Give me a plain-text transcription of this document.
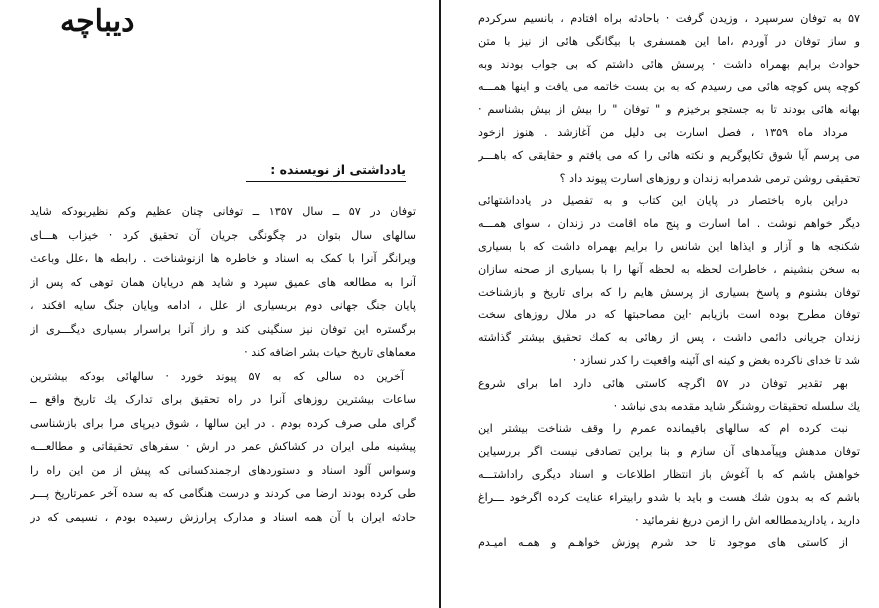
دیباچه
یادداشتی از نویسنده :
توفان در ۵۷ ــ سال ۱۳۵۷ ــ توفانی چنان عظیم وکم نظیربودکه شاید
سالهای سال بتوان در چگونگی جریان آن تحقیق کرد · خیزاب هـــای
ویرانگر آنرا با کمک به اسناد و خاطره ها ازنوشناخت . رابطه ها ،علل وباعث
آنرا به مطالعه های عمیق سپرد و شاید هم دریایان همان توهی که پس از
پایان جنگ جهانی دوم بربسیاری از علل ، ادامه وپایان جنگ سایه افکند ،
برگستره این توفان نیز سنگینی کند و راز آنرا براسرار بسیاری دیگـــری از
معماهای تاریخ حیات بشر اضافه کند ·
آخرین ده سالی که به ۵۷ پیوند خورد · سالهائی بودکه بیشترین
ساعات بیشترین روزهای آنرا در راه تحقیق برای تدارک یك تاریخ واقع ــ
گرای ملی صرف کرده بودم . در این سالها ، شوق دیرپای مرا برای بازشناسی
پیشینه ملی ایران در کشاکش عمر در ارش · سفرهای تحقیقاتی و مطالعـــه
وسواس آلود اسناد و دستوردهای ارجمندکسانی که پیش از من این راه را
طی کرده بودند ارضا می کردند و درست هنگامی که به سده آخر عمرتاریخ پـــر
حادثه ایران با آن همه اسناد و مدارک پرارزش رسیده بودم ، نسیمی که در
۵۷ به توفان سرسپرد ، وزیدن گرفت · باحادثه براه افتادم ، بانسیم سرکردم
و ساز توفان در آوردم ،اما این همسفری با بیگانگی هائی از نیز با متن
حوادث برایم بهمراه داشت · پرسش هائی داشتم که بی جواب بودند وبه
کوچه پس کوچه هائی می رسیدم که به بن بست خاتمه می یافت و اینها همـــه
بهانه هائی بودند تا به جستجو برخیزم و " توفان " را بیش از بیش بشناسم ·
مرداد ماه ۱۳۵۹ ، فصل اسارت بی دلیل من آغازشد . هنوز ازخود
می پرسم آیا شوق تکاپوگریم و نکته هائی را که می یافتم و حقایقی که باهـــر
تحقیقی روشن ترمی شدمرابه زندان و روزهای اسارت پیوند داد ؟
دراین باره باختصار در پایان این کتاب و به تفصیل در یادداشتهائی
دیگر خواهم نوشت . اما اسارت و پنج ماه اقامت در زندان ، سوای همـــه
شکنجه ها و آزار و ایذاها این شانس را برایم بهمراه داشت که با بسیاری
به سخن بنشینم ، خاطرات لحظه به لحظه آنها را با بسیاری از صحنه سازان
توفان بشنوم و پاسخ بسیاری از پرسش هایم را که برای تاریخ و بازشناخت
توفان مطرح بوده است بازیابم ·این مصاحبتها که در ملال روزهای سخت
زندان جریانی دائمی داشت ، پس از رهائی به کمك تحقیق بیشتر گذاشته
شد تا خدای ناکرده بغض و کینه ای آئینه واقعیت را کدر نسازد ·
بهر تقدیر توفان در ۵۷ اگرچه کاستی هائی دارد اما برای شروع
یك سلسله تحقیقات روشنگر شاید مقدمه بدی نباشد ·
نبت کرده ام که سالهای باقیمانده عمرم را وقف شناخت بیشتر این
توفان مدهش وپیآمدهای آن سازم و بنا براین تصادفی نیست اگر بررسیاین
خواهش باشم که با آغوش باز انتظار اطلاعات و اسناد دیگری راداشتـــه
باشم که به بدون شك هست و باید با شدو رابیتراء عنایت کرده اگرخود ـــراغ
دارید ، یاداریدمطالعه اش را ازمن دریغ نفرمائید ·
از کاستی های موجود تا حد شرم پوزش خواهـم و همـه امیـدم
